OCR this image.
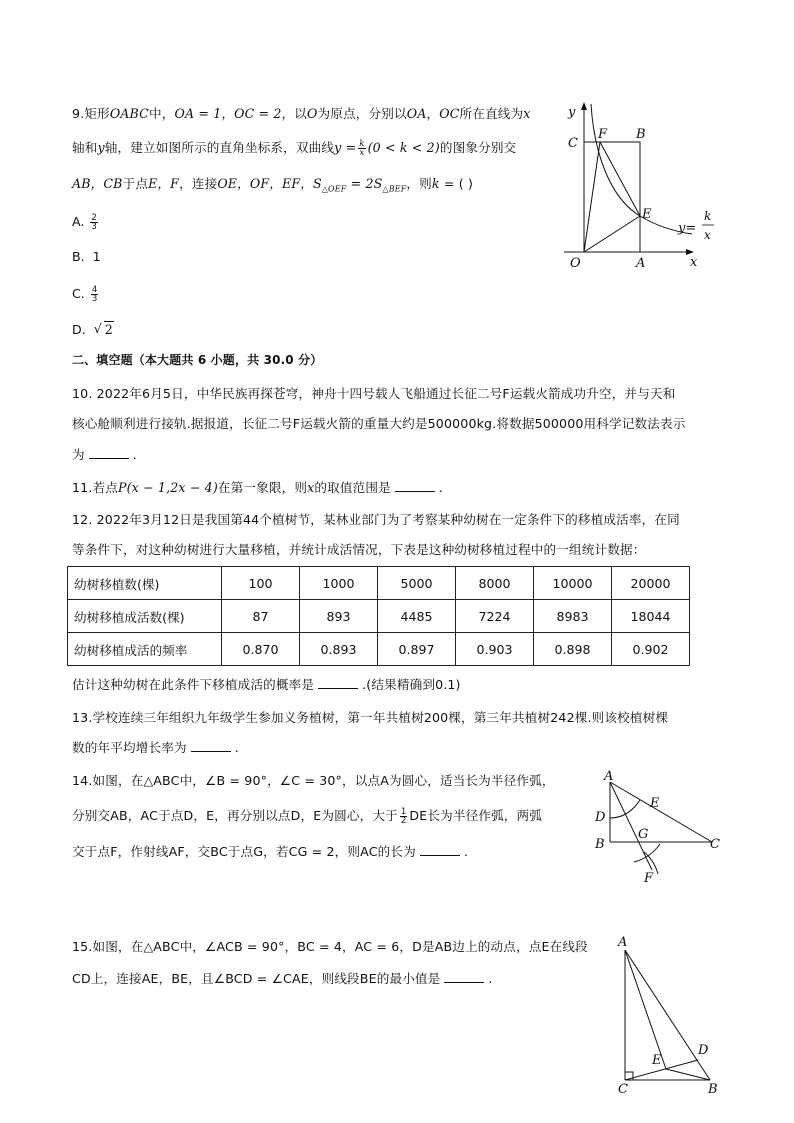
9.矩形OABC中，OA = 1，OC = 2，以O为原点，分别以OA，OC所在直线为x
轴和y轴，建立如图所示的直角坐标系，双曲线$y = \frac{k}{x} (0 < k < 2)$的图象分别交
AB，CB于点E，F，连接OE，OF，EF，$S_{\triangle OEF} = 2S_{\triangle BEF}$，则k = ( )
A. $\frac{2}{3}$
B. 1
C. $\frac{4}{3}$
D. √ 2
y
C
F B
E
O	A	x
y=
k
x
二、填空题（本大题共 6 小题，共 30.0 分）
10. 2022年6月5日，中华民族再探苍穹，神舟十四号载人飞船通过长征二号F运载火箭成功升空，并与天和
核心舱顺利进行接轨.据报道，长征二号F运载火箭的重量大约是500000kg.将数据500000用科学记数法表示
为	.
11.若点P(x − 1,2x − 4)在第一象限，则x的取值范围是	.
12. 2022年3月12日是我国第44个植树节，某林业部门为了考察某种幼树在一定条件下的移植成活率，在同
等条件下，对这种幼树进行大量移植，并统计成活情况，下表是这种幼树移植过程中的一组统计数据：
幼树移植数(棵)	100	1000	5000	8000	10000	20000
幼树移植成活数(棵)	87	893	4485	7224	8983	18044
幼树移植成活的频率	0.870	0.893	0.897	0.903	0.898	0.902
估计这种幼树在此条件下移植成活的概率是	.(结果精确到0.1)
13.学校连续三年组织九年级学生参加义务植树，第一年共植树200棵，第三年共植树242棵.则该校植树棵
数的年平均增长率为	.
14.如图，在△ABC中，∠B = 90°，∠C = 30°，以点A为圆心，适当长为半径作弧，
分别交AB，AC于点D，E，再分别以点D，E为圆心，大于 $\frac{1}{2}$ DE长为半径作弧，两弧
交于点F，作射线AF，交BC于点G，若CG = 2，则AC的长为	.
A
E
D
G
B	C
F
15.如图，在△ABC中，∠ACB = 90°，BC = 4，AC = 6，D是AB边上的动点，点E在线段
CD上，连接AE，BE，且∠BCD = ∠CAE，则线段BE的最小值是	.
A
D
E
C	B
